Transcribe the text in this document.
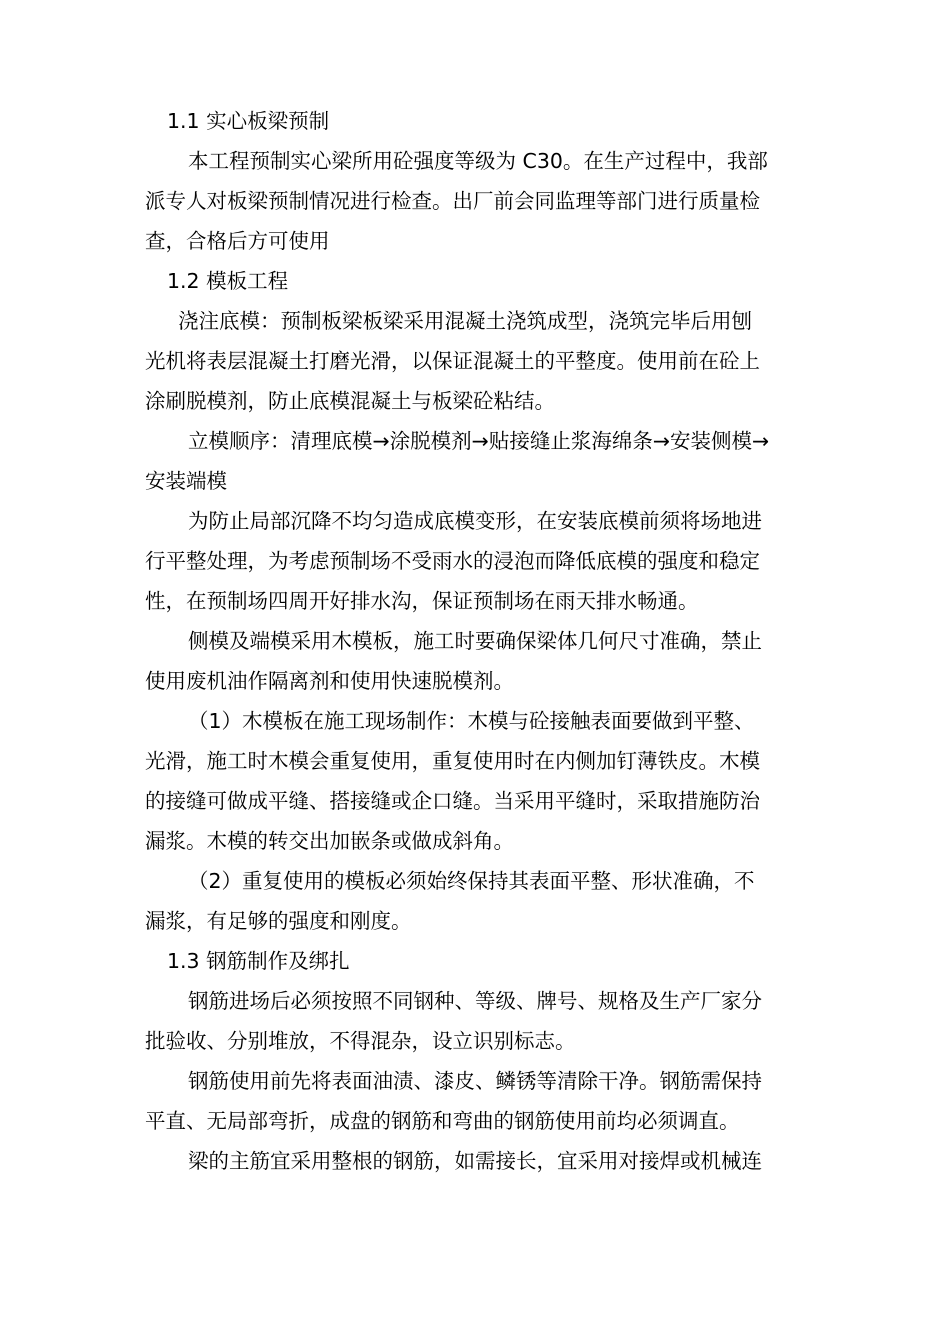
1.1 实心板梁预制
本工程预制实心梁所用砼强度等级为 C30。在生产过程中，我部
派专人对板梁预制情况进行检查。出厂前会同监理等部门进行质量检
查，合格后方可使用
1.2 模板工程
浇注底模：预制板梁板梁采用混凝土浇筑成型，浇筑完毕后用刨
光机将表层混凝土打磨光滑，以保证混凝土的平整度。使用前在砼上
涂刷脱模剂，防止底模混凝土与板梁砼粘结。
立模顺序：清理底模→涂脱模剂→贴接缝止浆海绵条→安装侧模→
安装端模
为防止局部沉降不均匀造成底模变形，在安装底模前须将场地进
行平整处理，为考虑预制场不受雨水的浸泡而降低底模的强度和稳定
性，在预制场四周开好排水沟，保证预制场在雨天排水畅通。
侧模及端模采用木模板，施工时要确保梁体几何尺寸准确，禁止
使用废机油作隔离剂和使用快速脱模剂。
（1）木模板在施工现场制作：木模与砼接触表面要做到平整、
光滑，施工时木模会重复使用，重复使用时在内侧加钉薄铁皮。木模
的接缝可做成平缝、搭接缝或企口缝。当采用平缝时，采取措施防治
漏浆。木模的转交出加嵌条或做成斜角。
（2）重复使用的模板必须始终保持其表面平整、形状准确，不
漏浆，有足够的强度和刚度。
1.3 钢筋制作及绑扎
钢筋进场后必须按照不同钢种、等级、牌号、规格及生产厂家分
批验收、分别堆放，不得混杂，设立识别标志。
钢筋使用前先将表面油渍、漆皮、鳞锈等清除干净。钢筋需保持
平直、无局部弯折，成盘的钢筋和弯曲的钢筋使用前均必须调直。
梁的主筋宜采用整根的钢筋，如需接长，宜采用对接焊或机械连
